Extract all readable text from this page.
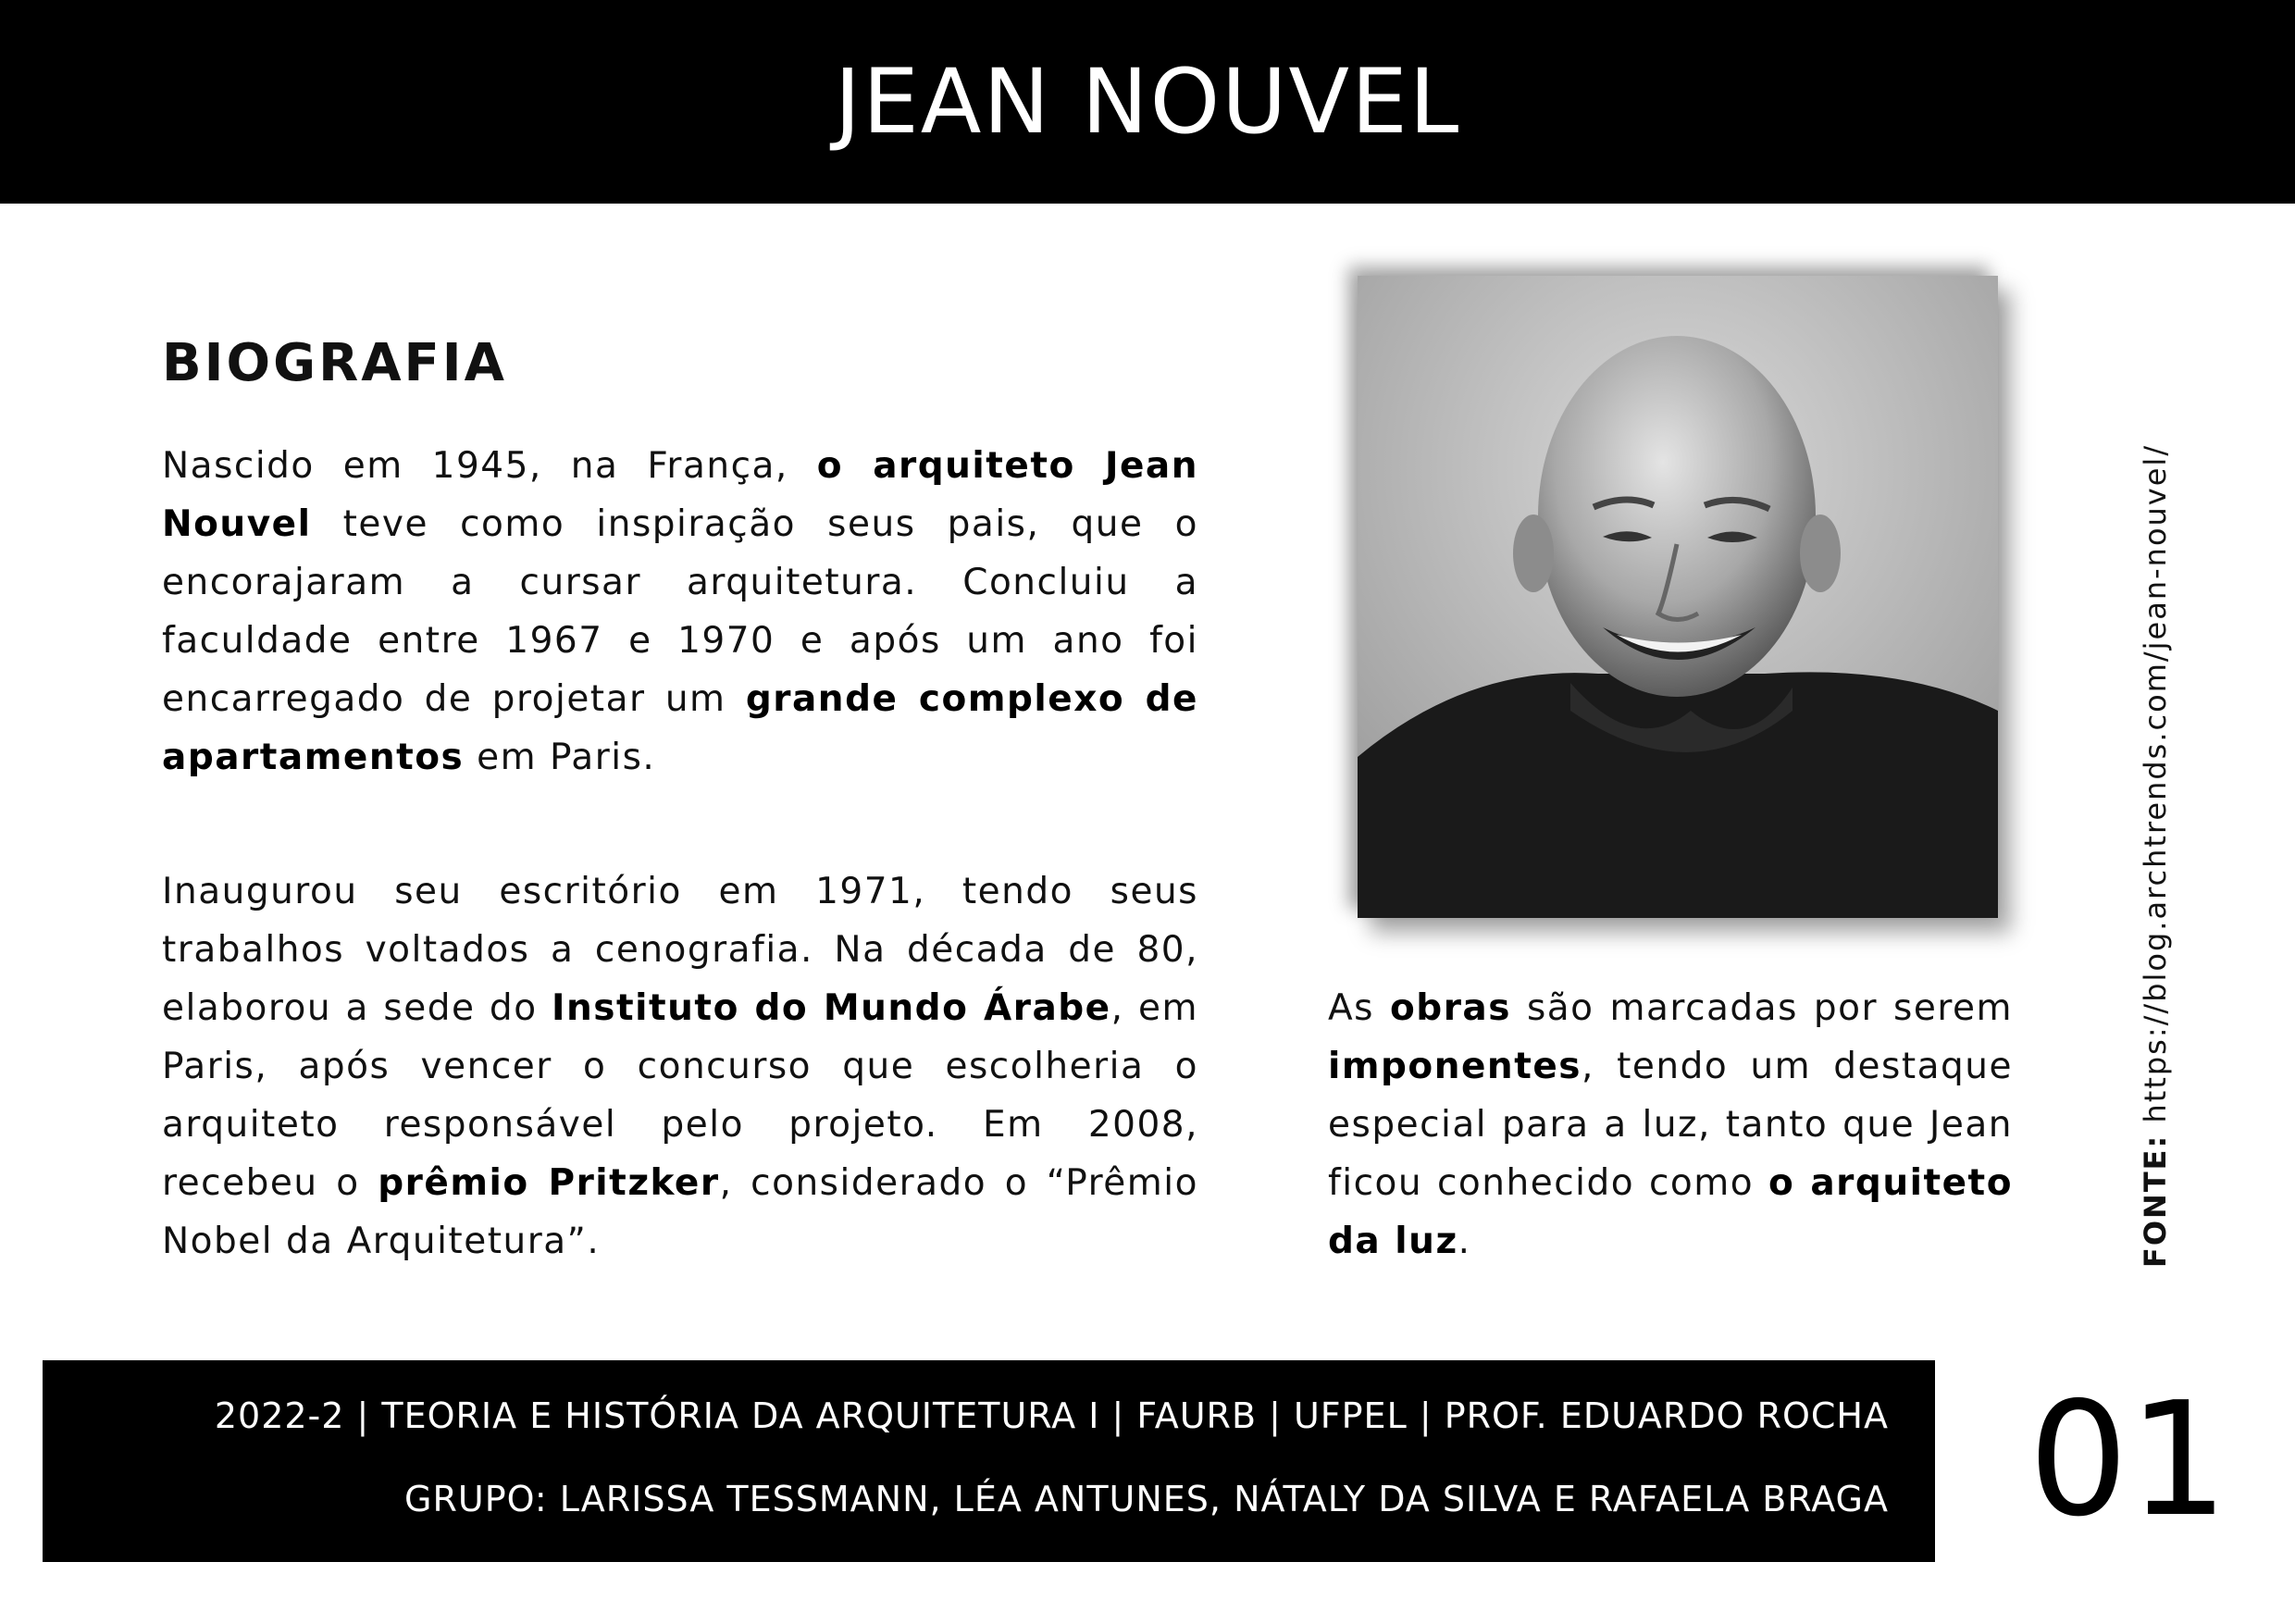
JEAN NOUVEL
BIOGRAFIA

Nascido em 1945, na França, o arquiteto Jean Nouvel teve como inspiração seus pais, que o encorajaram a cursar arquitetura. Concluiu a faculdade entre 1967 e 1970 e após um ano foi encarregado de projetar um grande complexo de apartamentos em Paris.

Inaugurou seu escritório em 1971, tendo seus trabalhos voltados a cenografia. Na década de 80, elaborou a sede do Instituto do Mundo Árabe, em Paris, após vencer o concurso que escolheria o arquiteto responsável pelo projeto. Em 2008, recebeu o prêmio Pritzker, considerado o “Prêmio Nobel da Arquitetura”.

As obras são marcadas por serem imponentes, tendo um destaque especial para a luz, tanto que Jean ficou conhecido como o arquiteto da luz.	FONTE: https://blog.archtrends.com/jean-nouvel/
2022-2 | TEORIA E HISTÓRIA DA ARQUITETURA I | FAURB | UFPEL | PROF. EDUARDO ROCHA
GRUPO: LARISSA TESSMANN, LÉA ANTUNES, NÁTALY DA SILVA E RAFAELA BRAGA 01
